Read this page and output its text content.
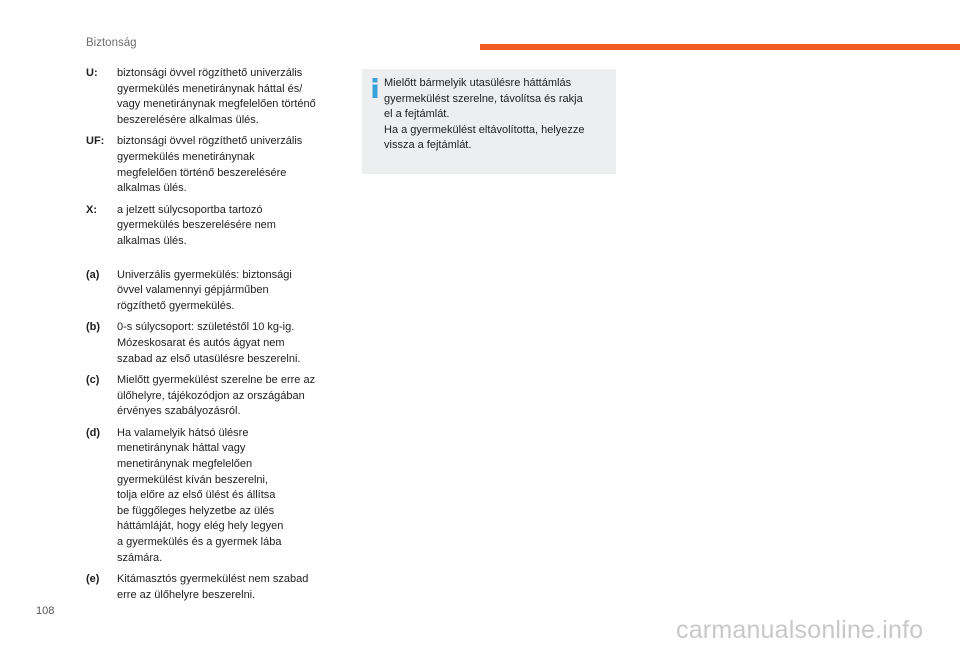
Biztonság
U:	biztonsági övvel rögzíthető univerzális
gyermekülés menetiránynak háttal és/
vagy menetiránynak megfelelően történő
beszerelésére alkalmas ülés.
UF:	biztonsági övvel rögzíthető univerzális
gyermekülés menetiránynak
megfelelően történő beszerelésére
alkalmas ülés.
X:	a jelzett súlycsoportba tartozó
gyermekülés beszerelésére nem
alkalmas ülés.
(a)	Univerzális gyermekülés: biztonsági
övvel valamennyi gépjárműben
rögzíthető gyermekülés.
(b)	0-s súlycsoport: születéstől 10 kg-ig.
Mózeskosarat és autós ágyat nem
szabad az első utasülésre beszerelni.
(c)	Mielőtt gyermekülést szerelne be erre az
ülőhelyre, tájékozódjon az országában
érvényes szabályozásról.
(d)	Ha valamelyik hátsó ülésre
menetiránynak háttal vagy
menetiránynak megfelelően
gyermekülést kíván beszerelni,
tolja előre az első ülést és állítsa
be függőleges helyzetbe az ülés
háttámláját, hogy elég hely legyen
a gyermekülés és a gyermek lába
számára.
(e)	Kitámasztós gyermekülést nem szabad
erre az ülőhelyre beszerelni.
Mielőtt bármelyik utasülésre háttámlás
gyermekülést szerelne, távolítsa és rakja
el a fejtámlát.
Ha a gyermekülést eltávolította, helyezze
vissza a fejtámlát.
108
carmanualsonline.info
